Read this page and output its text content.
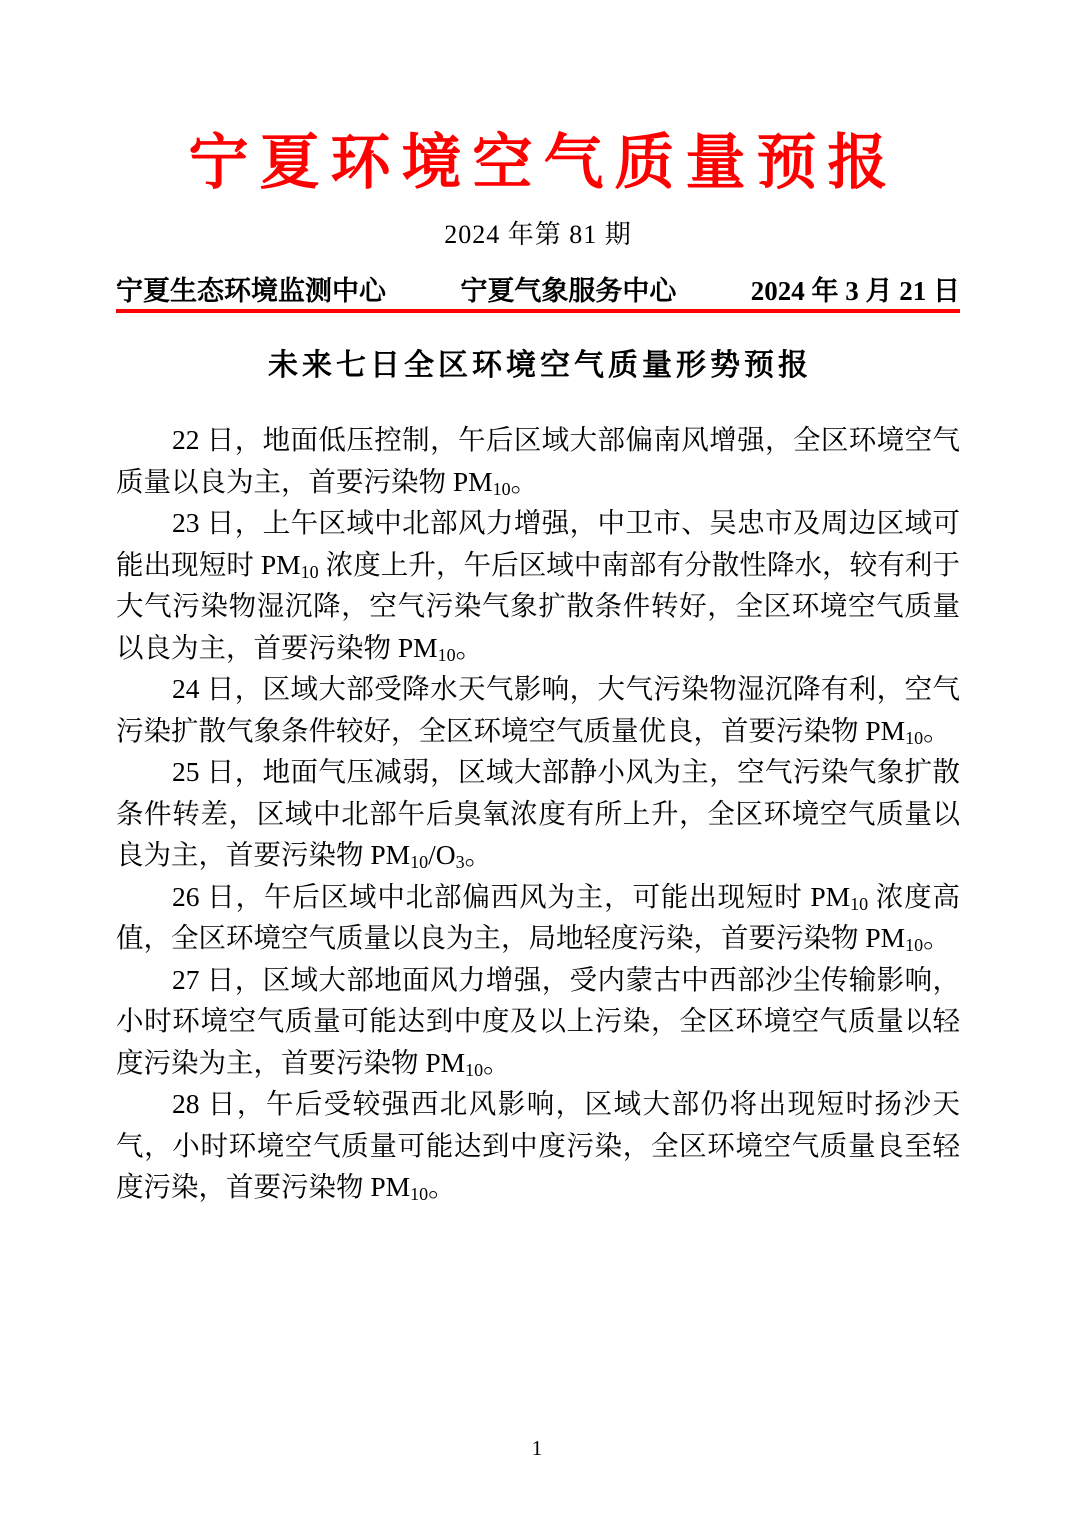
宁夏环境空气质量预报
2024 年第 81 期
宁夏生态环境监测中心	宁夏气象服务中心	2024 年 3 月 21 日
未来七日全区环境空气质量形势预报

22 日，地面低压控制，午后区域大部偏南风增强，全区环境空气质量以良为主，首要污染物 $PM_{10}$。

23 日，上午区域中北部风力增强，中卫市、吴忠市及周边区域可能出现短时 $PM_{10}$ 浓度上升，午后区域中南部有分散性降水，较有利于大气污染物湿沉降，空气污染气象扩散条件转好，全区环境空气质量以良为主，首要污染物 $PM_{10}$。

24 日，区域大部受降水天气影响，大气污染物湿沉降有利，空气污染扩散气象条件较好，全区环境空气质量优良，首要污染物 $PM_{10}$。

25 日，地面气压减弱，区域大部静小风为主，空气污染气象扩散条件转差，区域中北部午后臭氧浓度有所上升，全区环境空气质量以良为主，首要污染物 $PM_{10}/O_3$。

26 日，午后区域中北部偏西风为主，可能出现短时 $PM_{10}$ 浓度高值，全区环境空气质量以良为主，局地轻度污染，首要污染物 $PM_{10}$。

27 日，区域大部地面风力增强，受内蒙古中西部沙尘传输影响，小时环境空气质量可能达到中度及以上污染，全区环境空气质量以轻度污染为主，首要污染物 $PM_{10}$。

28 日，午后受较强西北风影响，区域大部仍将出现短时扬沙天气，小时环境空气质量可能达到中度污染，全区环境空气质量良至轻度污染，首要污染物 $PM_{10}$。

1
